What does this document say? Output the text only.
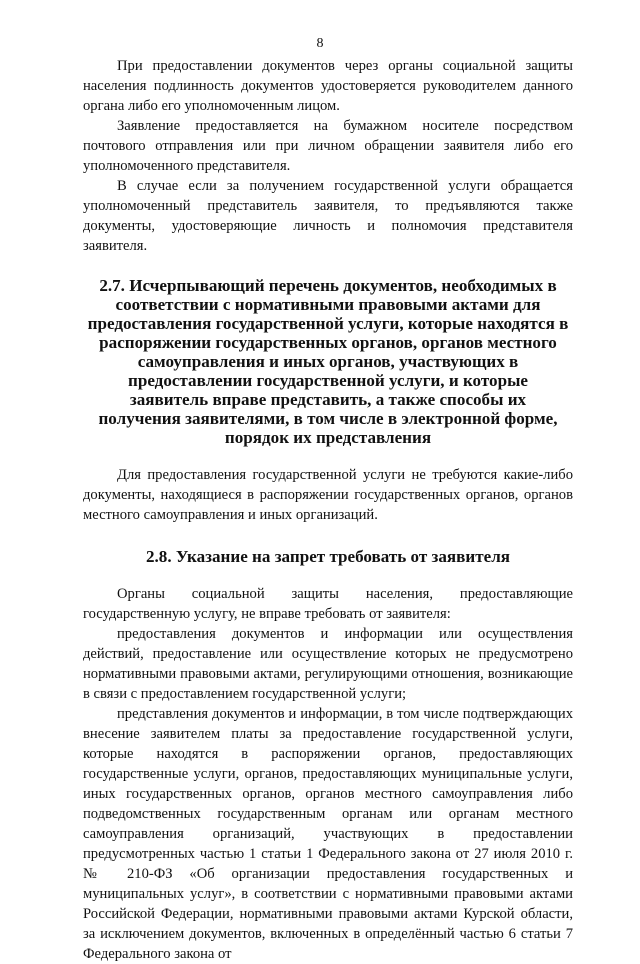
8

При предоставлении документов через органы социальной защиты населения подлинность документов удостоверяется руководителем данного органа либо его уполномоченным лицом.

Заявление предоставляется на бумажном носителе посредством почтового отправления или при личном обращении заявителя либо его уполномоченного представителя.

В случае если за получением государственной услуги обращается уполномоченный представитель заявителя, то предъявляются также документы, удостоверяющие личность и полномочия представителя заявителя.

2.7. Исчерпывающий перечень документов, необходимых в соответствии с нормативными правовыми актами для предоставления государственной услуги, которые находятся в распоряжении государственных органов, органов местного самоуправления и иных органов, участвующих в предоставлении государственной услуги, и которые заявитель вправе представить, а также способы их получения заявителями, в том числе в электронной форме, порядок их представления

Для предоставления государственной услуги не требуются какие-либо документы, находящиеся в распоряжении государственных органов, органов местного самоуправления и иных организаций.

2.8. Указание на запрет требовать от заявителя

Органы социальной защиты населения, предоставляющие государственную услугу, не вправе требовать от заявителя:

предоставления документов и информации или осуществления действий, предоставление или осуществление которых не предусмотрено нормативными правовыми актами, регулирующими отношения, возникающие в связи с предоставлением государственной услуги;

представления документов и информации, в том числе подтверждающих внесение заявителем платы за предоставление государственной услуги, которые находятся в распоряжении органов, предоставляющих государственные услуги, органов, предоставляющих муниципальные услуги, иных государственных органов, органов местного самоуправления либо подведомственных государственным органам или органам местного самоуправления организаций, участвующих в предоставлении предусмотренных частью 1 статьи 1 Федерального закона от 27 июля 2010 г. № 210-ФЗ «Об организации предоставления государственных и муниципальных услуг», в соответствии с нормативными правовыми актами Российской Федерации, нормативными правовыми актами Курской области, за исключением документов, включенных в определённый частью 6 статьи 7 Федерального закона от
